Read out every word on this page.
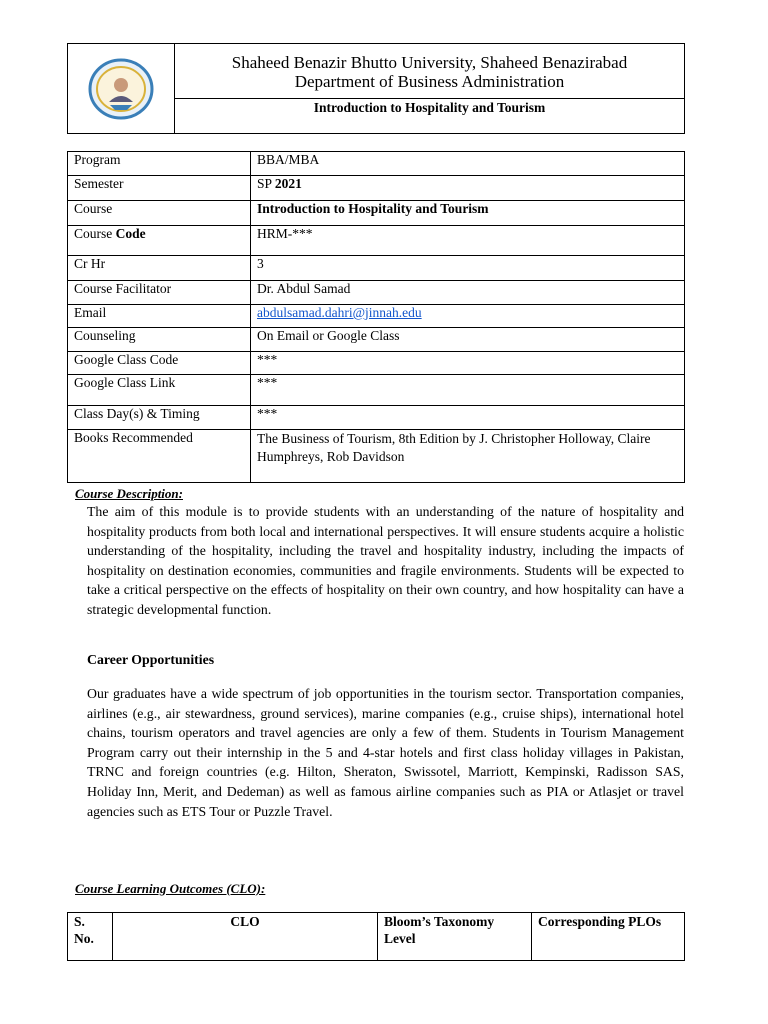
Shaheed Benazir Bhutto University, Shaheed Benazirabad
Department of Business Administration
Introduction to Hospitality and Tourism
Program	BBA/MBA
Semester	SP 2021
Course	Introduction to Hospitality and Tourism
Course Code	HRM-***
Cr Hr	3
Course Facilitator	Dr. Abdul Samad
Email	abdulsamad.dahri@jinnah.edu
Counseling	On Email or Google Class
Google Class Code	***
Google Class Link	***
Class Day(s) & Timing	***
Books Recommended	The Business of Tourism, 8th Edition by J. Christopher Holloway, Claire Humphreys, Rob Davidson
Course Description:
The aim of this module is to provide students with an understanding of the nature of hospitality and hospitality products from both local and international perspectives. It will ensure students acquire a holistic understanding of the hospitality, including the travel and hospitality industry, including the impacts of hospitality on destination economies, communities and fragile environments. Students will be expected to take a critical perspective on the effects of hospitality on their own country, and how hospitality can have a strategic developmental function.
Career Opportunities
Our graduates have a wide spectrum of job opportunities in the tourism sector. Transportation companies, airlines (e.g., air stewardness, ground services), marine companies (e.g., cruise ships), international hotel chains, tourism operators and travel agencies are only a few of them. Students in Tourism Management Program carry out their internship in the 5 and 4-star hotels and first class holiday villages in Pakistan, TRNC and foreign countries (e.g. Hilton, Sheraton, Swissotel, Marriott, Kempinski, Radisson SAS, Holiday Inn, Merit, and Dedeman) as well as famous airline companies such as PIA or Atlasjet or travel agencies such as ETS Tour or Puzzle Travel.
Course Learning Outcomes (CLO):
S. No.	CLO	Bloom’s Taxonomy Level	Corresponding PLOs
